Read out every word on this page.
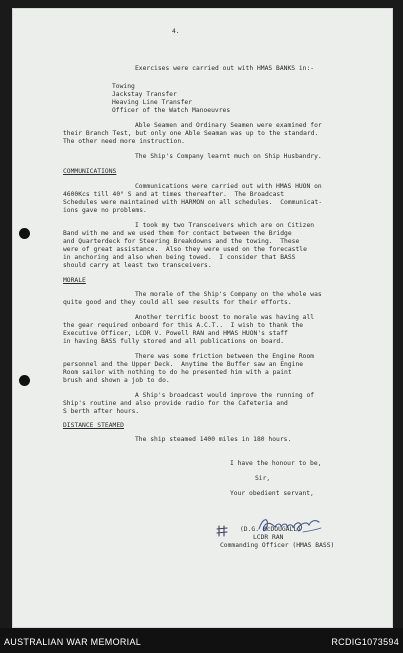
4.
Exercises were carried out with HMAS BANKS in:-
Towing
Jackstay Transfer
Heaving Line Transfer
Officer of the Watch Manoeuvres
Able Seamen and Ordinary Seamen were examined for
their Branch Test, but only one Able Seaman was up to the standard.
The other need more instruction.
The Ship's Company learnt much on Ship Husbandry.
COMMUNICATIONS
Communications were carried out with HMAS HUON on
4600Kcs till 40° S and at times thereafter.  The Broadcast
Schedules were maintained with HARMON on all schedules.  Communicat-
ions gave no problems.
I took my two Transceivers which are on Citizen
Band with me and we used them for contact between the Bridge
and Quarterdeck for Steering Breakdowns and the towing.  These
were of great assistance.  Also they were used on the forecastle
in anchoring and also when being towed.  I consider that BASS
should carry at least two transceivers.
MORALE
The morale of the Ship's Company on the whole was
quite good and they could all see results for their efforts.
Another terrific boost to morale was having all
the gear required onboard for this A.C.T..  I wish to thank the
Executive Officer, LCDR V. Powell RAN and HMAS HUON's staff
in having BASS fully stored and all publications on board.
There was some friction between the Engine Room
personnel and the Upper Deck.  Anytime the Buffer saw an Engine
Room sailor with nothing to do he presented him with a paint
brush and shown a job to do.
A Ship's broadcast would improve the running of
Ship's routine and also provide radio for the Cafeteria and
S berth after hours.
DISTANCE STEAMED
The ship steamed 1400 miles in 180 hours.
I have the honour to be,
Sir,
Your obedient servant,
(D.G. McDOUGALL)
LCDR RAN
Commanding Officer (HMAS BASS)
AUSTRALIAN WAR MEMORIAL	RCDIG1073594
